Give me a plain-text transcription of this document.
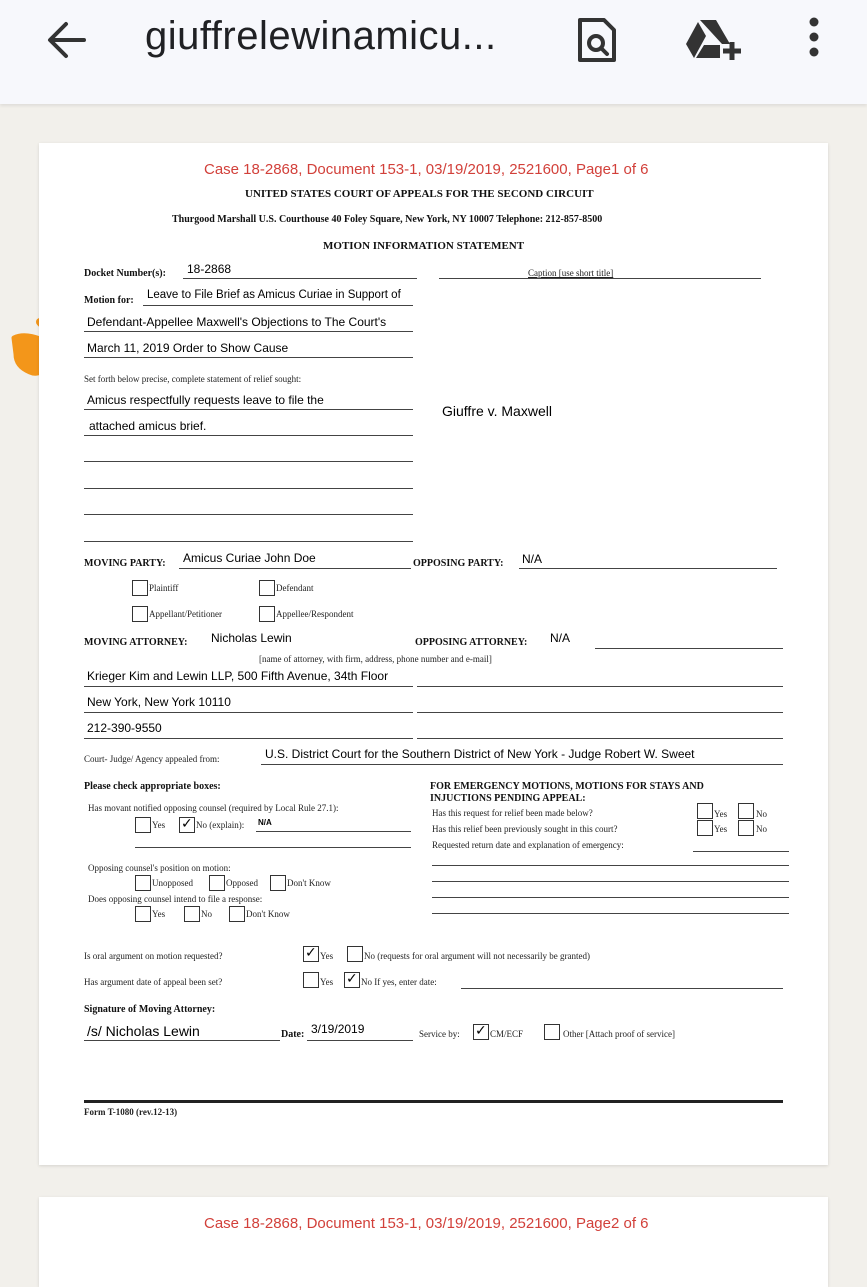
giuffrelewinamicu...
Case 18-2868, Document 153-1, 03/19/2019, 2521600, Page1 of 6
UNITED STATES COURT OF APPEALS FOR THE SECOND CIRCUIT
Thurgood Marshall U.S. Courthouse 40 Foley Square, New York, NY 10007 Telephone: 212-857-8500
MOTION INFORMATION STATEMENT
Docket Number(s): 18-2868	Caption [use short title]
Motion for: Leave to File Brief as Amicus Curiae in Support of
Defendant-Appellee Maxwell's Objections to The Court's
March 11, 2019 Order to Show Cause
Set forth below precise, complete statement of relief sought:
Amicus respectfully requests leave to file the
attached amicus brief.
Giuffre v. Maxwell
MOVING PARTY: Amicus Curiae John Doe	OPPOSING PARTY: N/A
Plaintiff	Defendant
Appellant/Petitioner	Appellee/Respondent
MOVING ATTORNEY: Nicholas Lewin	OPPOSING ATTORNEY: N/A
[name of attorney, with firm, address, phone number and e-mail]
Krieger Kim and Lewin LLP, 500 Fifth Avenue, 34th Floor
New York, New York 10110
212-390-9550
Court- Judge/ Agency appealed from:	U.S. District Court for the Southern District of New York - Judge Robert W. Sweet
Please check appropriate boxes:
Has movant notified opposing counsel (required by Local Rule 27.1):
Yes ✓ No (explain): N/A
FOR EMERGENCY MOTIONS, MOTIONS FOR STAYS AND
INJUCTIONS PENDING APPEAL:
Has this request for relief been made below?	Yes	No
Has this relief been previously sought in this court?	Yes	No
Requested return date and explanation of emergency:
Opposing counsel's position on motion:
Unopposed	Opposed	Don't Know
Does opposing counsel intend to file a response:
Yes	No	Don't Know
Is oral argument on motion requested?	✓ Yes	No (requests for oral argument will not necessarily be granted)
Has argument date of appeal been set?	Yes ✓ No If yes, enter date:
Signature of Moving Attorney:
/s/ Nicholas Lewin	Date: 3/19/2019	Service by: ✓ CM/ECF	Other [Attach proof of service]
Form T-1080 (rev.12-13)
Case 18-2868, Document 153-1, 03/19/2019, 2521600, Page2 of 6
